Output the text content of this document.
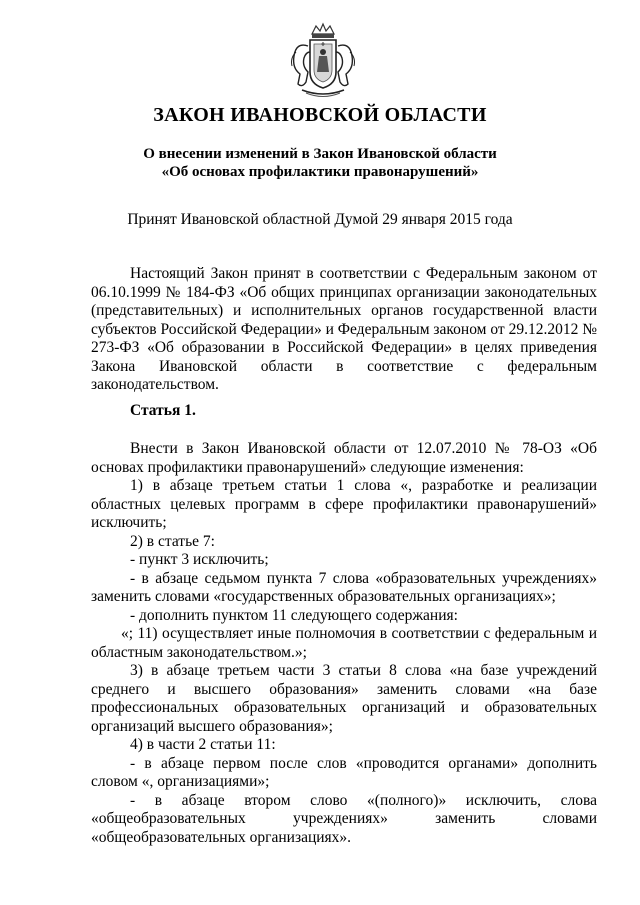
ЗАКОН ИВАНОВСКОЙ ОБЛАСТИ
О внесении изменений в Закон Ивановской области
«Об основах профилактики правонарушений»
Принят Ивановской областной Думой 29 января 2015 года

Настоящий Закон принят в соответствии с Федеральным законом от 06.10.1999 № 184-ФЗ «Об общих принципах организации законодательных (представительных) и исполнительных органов государственной власти субъектов Российской Федерации» и Федеральным законом от 29.12.2012 № 273-ФЗ «Об образовании в Российской Федерации» в целях приведения Закона Ивановской области в соответствие с федеральным законодательством.

Статья 1.

Внести в Закон Ивановской области от 12.07.2010 № 78-ОЗ «Об основах профилактики правонарушений» следующие изменения:

1) в абзаце третьем статьи 1 слова «, разработке и реализации областных целевых программ в сфере профилактики правонарушений» исключить;

2) в статье 7:

- пункт 3 исключить;

- в абзаце седьмом пункта 7 слова «образовательных учреждениях» заменить словами «государственных образовательных организациях»;

- дополнить пунктом 11 следующего содержания:

«; 11) осуществляет иные полномочия в соответствии с федеральным и областным законодательством.»;

3) в абзаце третьем части 3 статьи 8 слова «на базе учреждений среднего и высшего образования» заменить словами «на базе профессиональных образовательных организаций и образовательных организаций высшего образования»;

4) в части 2 статьи 11:

- в абзаце первом после слов «проводится органами» дополнить словом «, организациями»;

- в абзаце втором слово «(полного)» исключить, слова «общеобразовательных учреждениях» заменить словами «общеобразовательных организациях».
